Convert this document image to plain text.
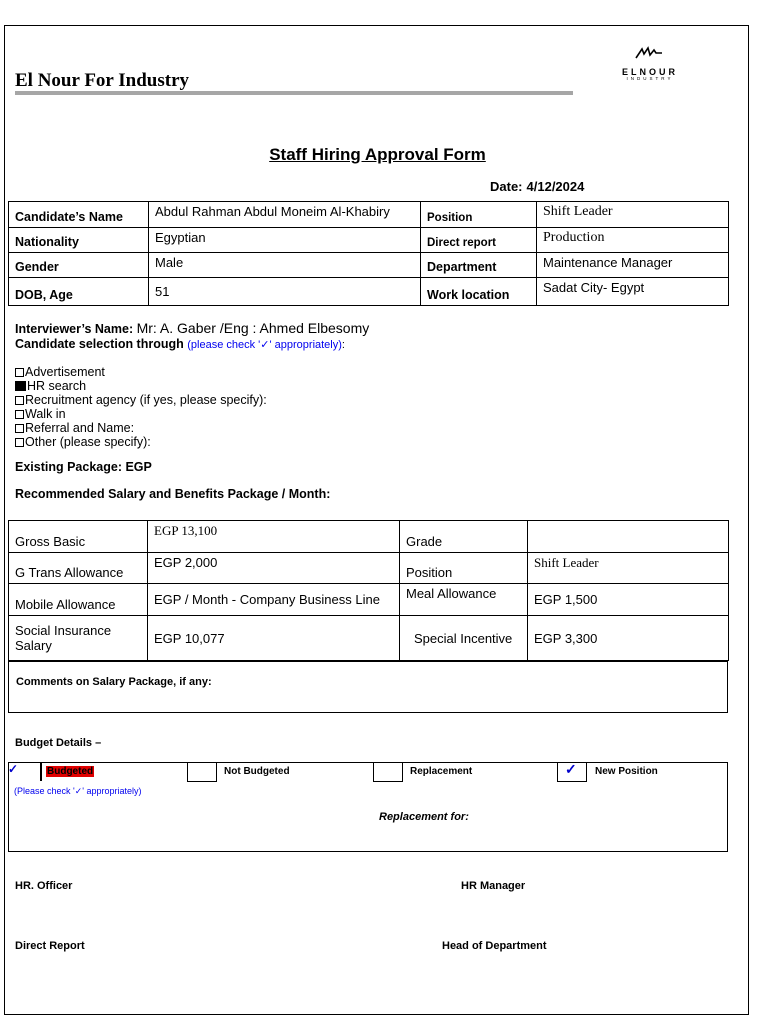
El Nour For Industry	ELNOUR
INDUSTRY
Staff Hiring Approval Form
Date: 4/12/2024
Candidate’s Name	Abdul Rahman Abdul Moneim Al-Khabiry	Position	Shift Leader
Nationality	Egyptian	Direct report	Production
Gender	Male	Department	Maintenance Manager
DOB, Age	51	Work location	Sadat City- Egypt
Interviewer’s Name: Mr: A. Gaber /Eng : Ahmed Elbesomy
Candidate selection through (please check '✓' appropriately):
Advertisement
HR search
Recruitment agency (if yes, please specify):
Walk in
Referral and Name:
Other (please specify):
Existing Package: EGP
Recommended Salary and Benefits Package / Month:
Gross Basic	EGP 13,100	Grade	
G Trans Allowance	EGP 2,000	Position	Shift Leader
Mobile Allowance	EGP / Month - Company Business Line	Meal Allowance	EGP 1,500
Social Insurance Salary	EGP 10,077	Special Incentive	EGP 3,300
Comments on Salary Package, if any:
Budget Details –
✓	Budgeted	Not Budgeted	Replacement	✓ New Position
(Please check '✓' appropriately)
Replacement for:
HR. Officer	HR Manager
Direct Report	Head of Department
